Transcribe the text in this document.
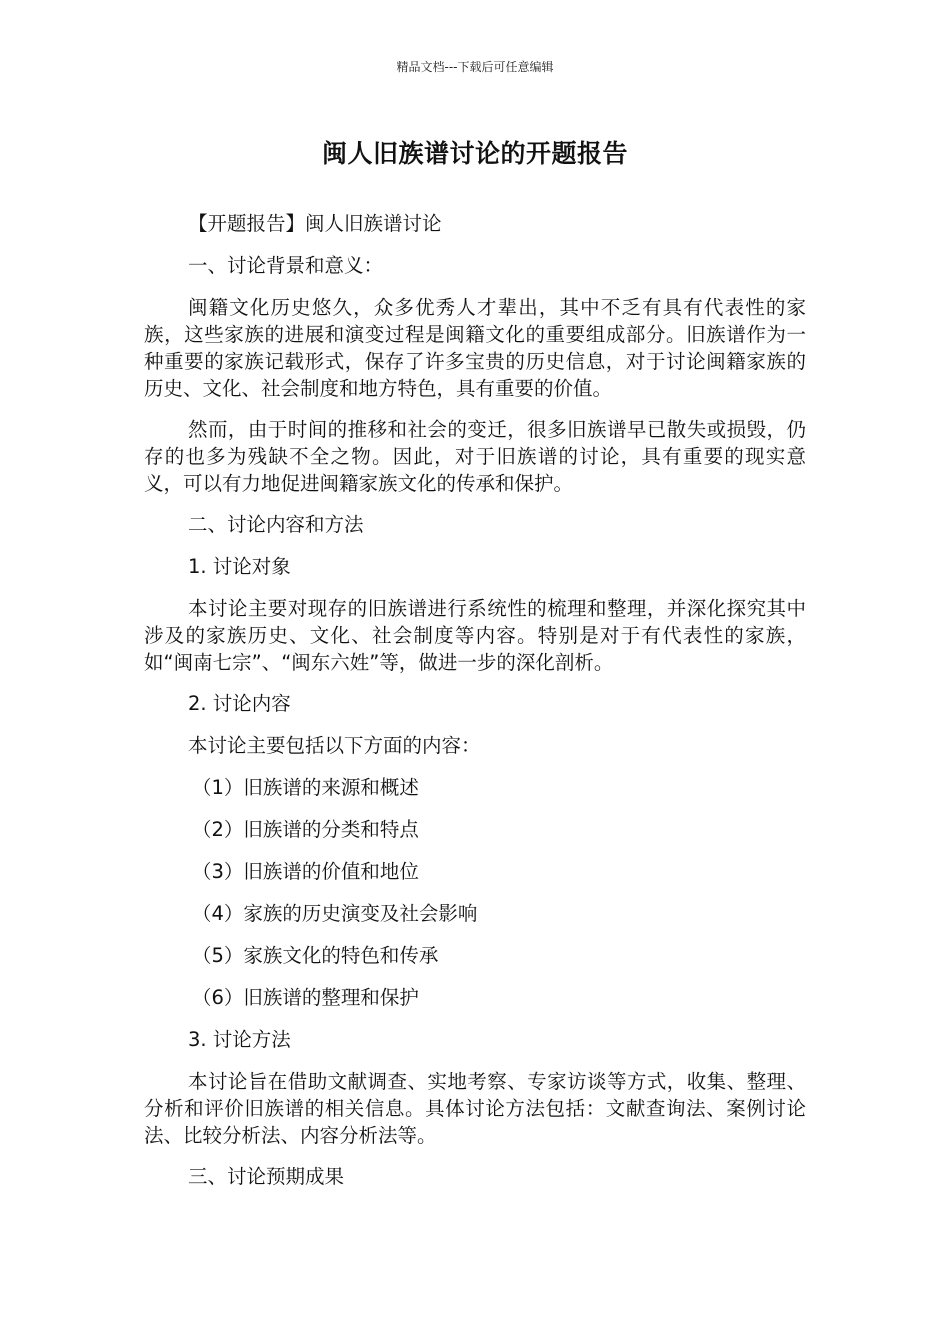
精品文档---下载后可任意编辑
闽人旧族谱讨论的开题报告
【开题报告】闽人旧族谱讨论
一、讨论背景和意义：

闽籍文化历史悠久，众多优秀人才辈出，其中不乏有具有代表性的家族，这些家族的进展和演变过程是闽籍文化的重要组成部分。旧族谱作为一种重要的家族记载形式，保存了许多宝贵的历史信息，对于讨论闽籍家族的历史、文化、社会制度和地方特色，具有重要的价值。

然而，由于时间的推移和社会的变迁，很多旧族谱早已散失或损毁，仍存的也多为残缺不全之物。因此，对于旧族谱的讨论，具有重要的现实意义，可以有力地促进闽籍家族文化的传承和保护。

二、讨论内容和方法
1. 讨论对象

本讨论主要对现存的旧族谱进行系统性的梳理和整理，并深化探究其中涉及的家族历史、文化、社会制度等内容。特别是对于有代表性的家族，如“闽南七宗”、“闽东六姓”等，做进一步的深化剖析。

2. 讨论内容
本讨论主要包括以下方面的内容：
（1）旧族谱的来源和概述
（2）旧族谱的分类和特点
（3）旧族谱的价值和地位
（4）家族的历史演变及社会影响
（5）家族文化的特色和传承
（6）旧族谱的整理和保护
3. 讨论方法

本讨论旨在借助文献调查、实地考察、专家访谈等方式，收集、整理、分析和评价旧族谱的相关信息。具体讨论方法包括：文献查询法、案例讨论法、比较分析法、内容分析法等。

三、讨论预期成果
